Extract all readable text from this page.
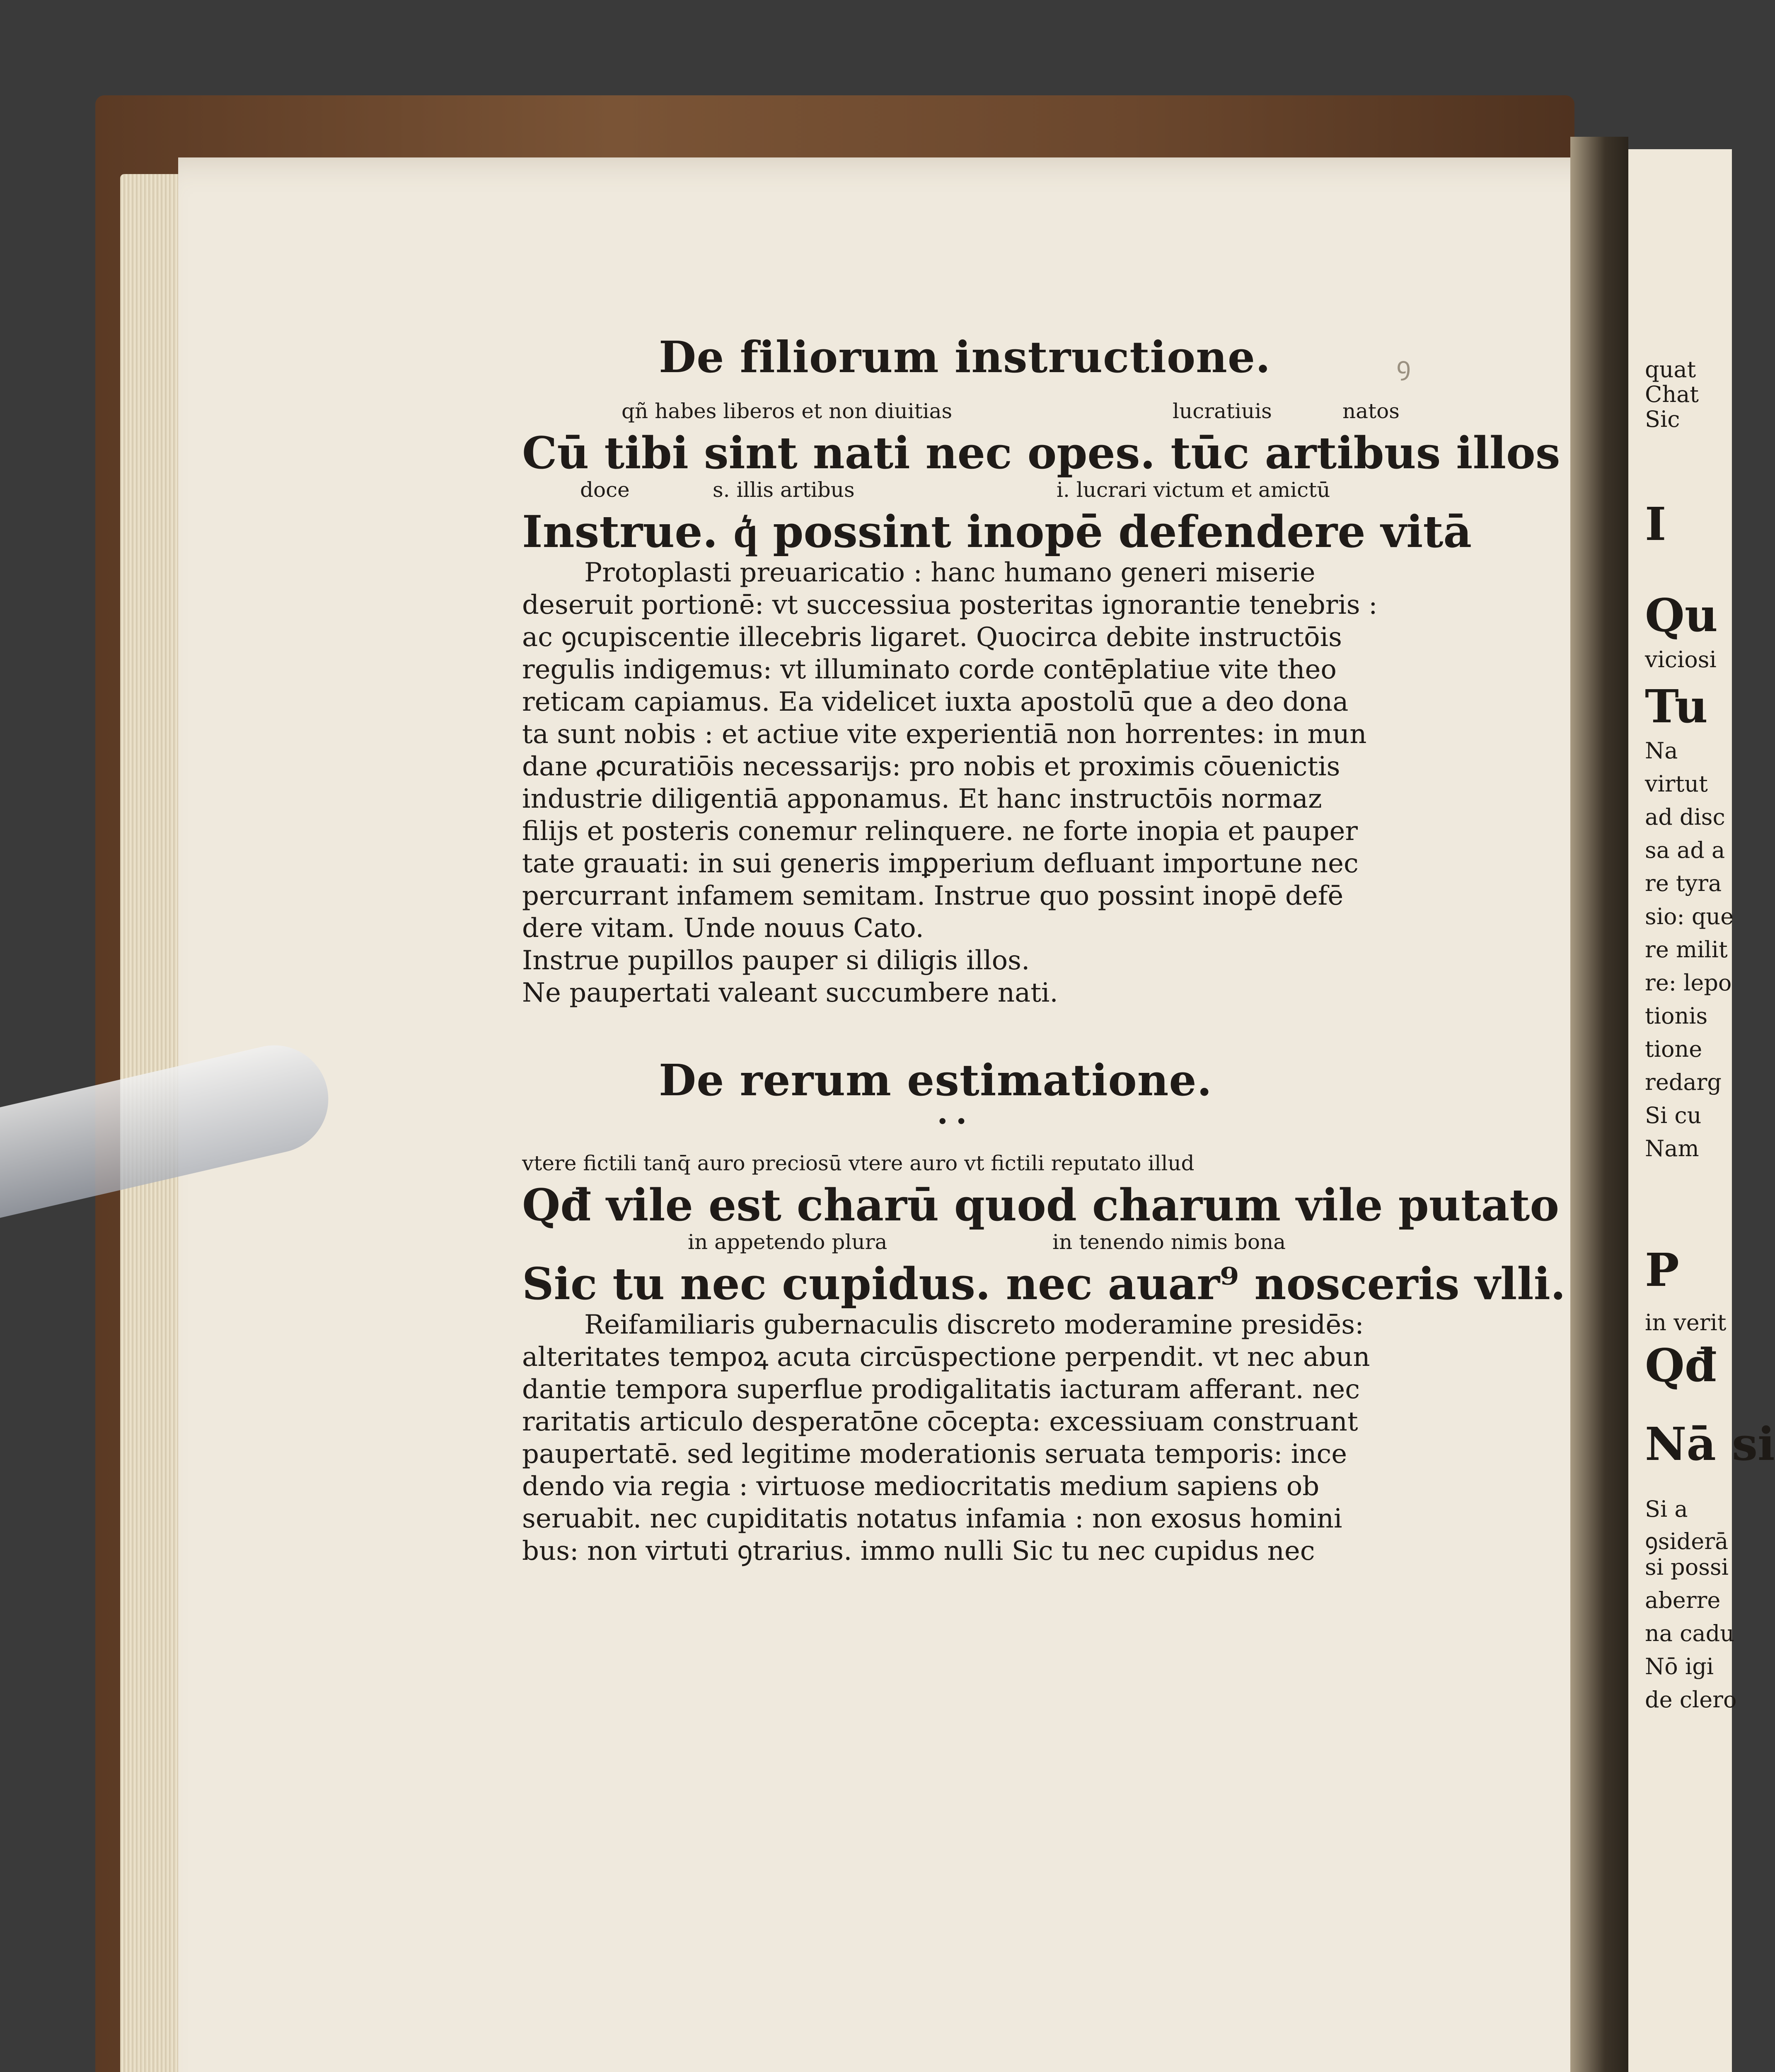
quat
Chat
Sic
I
Qu
viciosi
Tu
Na
virtut
ad disc
sa ad a
re tyra
sio: que
re milit
re: lepo
tionis
tione
redarg
Si cu
Nam
P
in verit
Qđ
Nā si
Si a
ꝯsiderā
si possi
aberre
na cadu
Nō igi
de clero
ꝯ
De filiorum instructione.
qñ habes liberos et non diuitias	lucratiuis	natos
Cū tibi sint nati nec opes. tūc artibus illos
doce	s. illis artibus	i. lucrari victum et amictū
Instrue. q͛ possint inopē defendere vitā
Protoplasti preuaricatio : hanc humano generi miserie
deseruit portionē: vt successiua posteritas ignorantie tenebris :
ac ꝯcupiscentie illecebris ligaret. Quocirca debite instructōis
regulis indigemus: vt illuminato corde contēplatiue vite theo
reticam capiamus. Ea videlicet iuxta apostolū que a deo dona
ta sunt nobis : et actiue vite experientiā non horrentes: in mun
dane ꝓcuratiōis necessarijs: pro nobis et proximis cōuenictis
industrie diligentiā apponamus. Et hanc instructōis normaz
filijs et posteris conemur relinquere. ne forte inopia et pauper
tate grauati: in sui generis imꝑperium defluant importune nec
percurrant infamem semitam. Instrue quo possint inopē defē
dere vitam. Unde nouus Cato.
Instrue pupillos pauper si diligis illos.
Ne paupertati valeant succumbere nati.
De rerum estimatione.
• •
vtere fictili tanq̄ auro preciosū vtere auro vt fictili reputato illud
Qđ vile est charū quod charum vile putato
in appetendo plura	in tenendo nimis bona
Sic tu nec cupidus. nec auar⁹ nosceris vlli.
Reifamiliaris gubernaculis discreto moderamine presidēs:
alteritates tempoꝝ acuta circūspectione perpendit. vt nec abun
dantie tempora superflue prodigalitatis iacturam afferant. nec
raritatis articulo desperatōne cōcepta: excessiuam construant
paupertatē. sed legitime moderationis seruata temporis: ince
dendo via regia : virtuose mediocritatis medium sapiens ob
seruabit. nec cupiditatis notatus infamia : non exosus homini
bus: non virtuti ꝯtrarius. immo nulli Sic tu nec cupidus nec
